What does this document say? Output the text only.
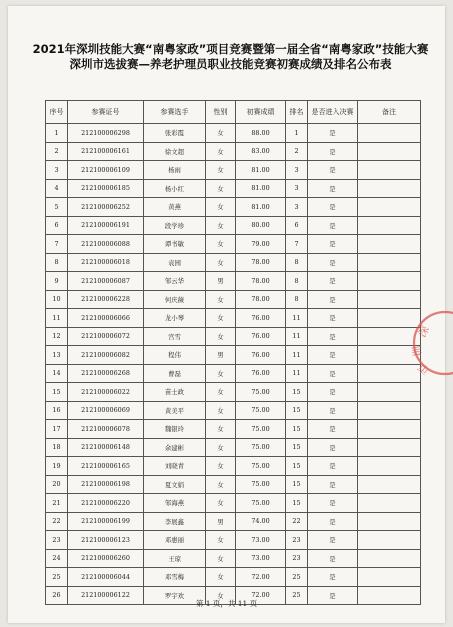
2021年深圳技能大赛“南粤家政”项目竞赛暨第一届全省“南粤家政”技能大赛深圳市选拔赛—养老护理员职业技能竞赛初赛成绩及排名公布表
序号	参赛证号	参赛选手	性别	初赛成绩	排名	是否进入决赛	备注
1	212100006298	张彩霞	女	88.00	1	是	
2	212100006161	徐文超	女	83.00	2	是	
3	212100006109	杨雨	女	81.00	3	是	
4	212100006185	杨小红	女	81.00	3	是	
5	212100006252	黄燕	女	81.00	3	是	
6	212100006191	段学珍	女	80.00	6	是	
7	212100006088	谭书敏	女	79.00	7	是	
8	212100006018	袁园	女	78.00	8	是	
9	212100006087	邹云华	男	78.00	8	是	
10	212100006228	何庆薇	女	78.00	8	是	
11	212100006066	龙小琴	女	76.00	11	是	
12	212100006072	宫雪	女	76.00	11	是	
13	212100006082	程伟	男	76.00	11	是	
14	212100006268	曹磊	女	76.00	11	是	
15	212100006022	苗士政	女	75.00	15	是	
16	212100006069	黄美平	女	75.00	15	是	
17	212100006078	魏银玲	女	75.00	15	是	
18	212100006148	余建彬	女	75.00	15	是	
19	212100006165	刘晓青	女	75.00	15	是	
20	212100006198	夏文娟	女	75.00	15	是	
21	212100006220	邹海燕	女	75.00	15	是	
22	212100006199	李展鑫	男	74.00	22	是	
23	212100006123	邓惠丽	女	73.00	23	是	
24	212100006260	王琼	女	73.00	23	是	
25	212100006044	邓雪梅	女	72.00	25	是	
26	212100006122	罗宇欢	女	72.00	25	是	
第 1 页，共 11 页
深
圳
市
